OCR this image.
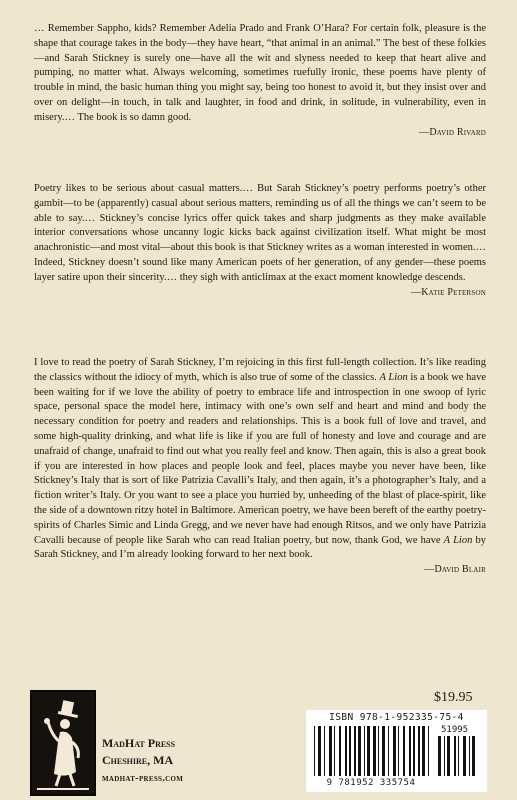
… Remember Sappho, kids? Remember Adelia Prado and Frank O’Hara? For certain folk, pleasure is the shape that courage takes in the body—they have heart, “that animal in an animal.” The best of these folkies—and Sarah Stickney is surely one—have all the wit and slyness needed to keep that heart alive and pumping, no matter what. Always welcoming, sometimes ruefully ironic, these poems have plenty of trouble in mind, the basic human thing you might say, being too honest to avoid it, but they insist over and over on delight—in touch, in talk and laughter, in food and drink, in solitude, in vulnerability, even in misery.… The book is so damn good.
—David Rivard

Poetry likes to be serious about casual matters.… But Sarah Stickney’s poetry performs poetry’s other gambit—to be (apparently) casual about serious matters, reminding us of all the things we can’t seem to be able to say.… Stickney’s concise lyrics offer quick takes and sharp judgments as they make available interior conversations whose uncanny logic kicks back against civilization itself. What might be most anachronistic—and most vital—about this book is that Stickney writes as a woman interested in women.… Indeed, Stickney doesn’t sound like many American poets of her generation, of any gender—these poems layer satire upon their sincerity.… they sigh with anticlimax at the exact moment knowledge descends.
—Katie Peterson

I love to read the poetry of Sarah Stickney, I’m rejoicing in this first full-length collection. It’s like reading the classics without the idiocy of myth, which is also true of some of the classics. A Lion is a book we have been waiting for if we love the ability of poetry to embrace life and introspection in one swoop of lyric space, personal space the model here, intimacy with one’s own self and heart and mind and body the necessary condition for poetry and readers and relationships. This is a book full of love and travel, and some high-quality drinking, and what life is like if you are full of honesty and love and courage and are unafraid of change, unafraid to find out what you really feel and know. Then again, this is also a great book if you are interested in how places and people look and feel, places maybe you never have been, like Stickney’s Italy that is sort of like Patrizia Cavalli’s Italy, and then again, it’s a photographer’s Italy, and a fiction writer’s Italy. Or you want to see a place you hurried by, unheeding of the blast of place-spirit, like the side of a downtown ritzy hotel in Baltimore. American poetry, we have been bereft of the earthy poetry-spirits of Charles Simic and Linda Gregg, and we never have had enough Ritsos, and we only have Patrizia Cavalli because of people like Sarah who can read Italian poetry, but now, thank God, we have A Lion by Sarah Stickney, and I’m already looking forward to her next book.
—David Blair

$19.95

MadHat Press
Cheshire, MA

madhat-press.com
ISBN 978-1-952335-75-4
51995
9 781952 335754
